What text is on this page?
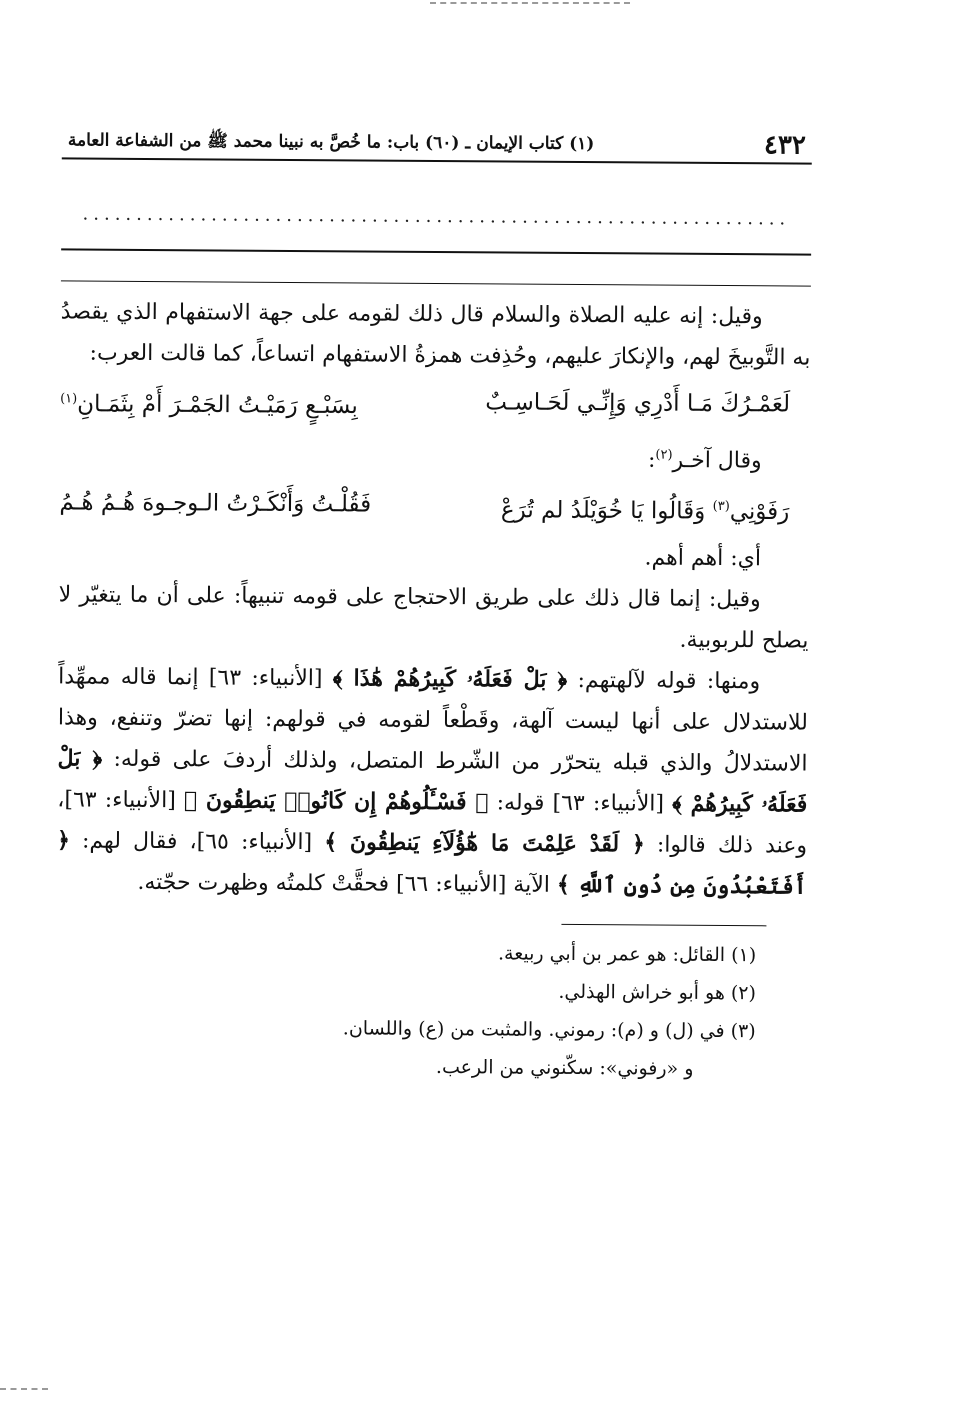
٤٣٢
(١) كتاب الإيمان ـ (٦٠) باب: ما خُصَّ به نبينا محمد ﷺ من الشفاعة العامة
..................................................................

وقيل: إنه عليه الصلاة والسلام قال ذلك لقومه على جهة الاستفهام الذي يقصدُ به التَّوبيخَ لهم، والإنكارَ عليهم، وحُذِفت همزةُ الاستفهام اتساعاً، كما قالت العرب:

لَعَمْـرُكَ مَـا أَدْرِي وَإِنِّـي لَحَـاسِـبٌ
بِسَبْـعٍ رَمَيْـتُ الجَمْـرَ أَمْ بِثَمَـانِ$^{(١)}$

وقال آخـر$^{(٢)}$:

رَفَوْنِي$^{(٣)}$ وَقَالُوا يَا خُوَيْلَدُ لم تُرَعْ
فَقُلْـتُ وَأَنْكَـرْتُ الـوجـوهَ هُـمُ هُـمُ

أي: أهم أهم.

وقيل: إنما قال ذلك على طريق الاحتجاج على قومه تنبيهاً: على أن ما يتغيّر لا يصلح للربوبية.

ومنها: قوله لآلهتهم: ﴿ بَلْ فَعَلَهُۥ كَبِيرُهُمْ هَٰذَا ﴾ [الأنبياء: ٦٣] إنما قاله ممهِّداً للاستدلال على أنها ليست آلهة، وقَطْعاً لقومه في قولهم: إنها تضرّ وتنفع، وهذا الاستدلالُ والذي قبله يتحرّر من الشّرط المتصل، ولذلك أردفَ على قوله: ﴿ بَلْ فَعَلَهُۥ كَبِيرُهُمْ ﴾ [الأنبياء: ٦٣] قوله: ﴿ فَسْـَٔلُوهُمْ إِن كَانُوا۟ يَنطِقُونَ ﴾ [الأنبياء: ٦٣]، وعند ذلك قالوا: ﴿ لَقَدْ عَلِمْتَ مَا هَٰٓؤُلَآءِ يَنطِقُونَ ﴾ [الأنبياء: ٦٥]، فقال لهم: ﴿ أَفَتَعْبُدُونَ مِن دُونِ ٱللَّهِ ﴾ الآية [الأنبياء: ٦٦] فحقَّتْ كلمتُه وظهرت حجّته.

(١) القائل: هو عمر بن أبي ربيعة.

(٢) هو أبو خراش الهذلي.

(٣) في (ل) و (م): رموني. والمثبت من (ع) واللسان.

و «رفوني»: سكّنوني من الرعب.
